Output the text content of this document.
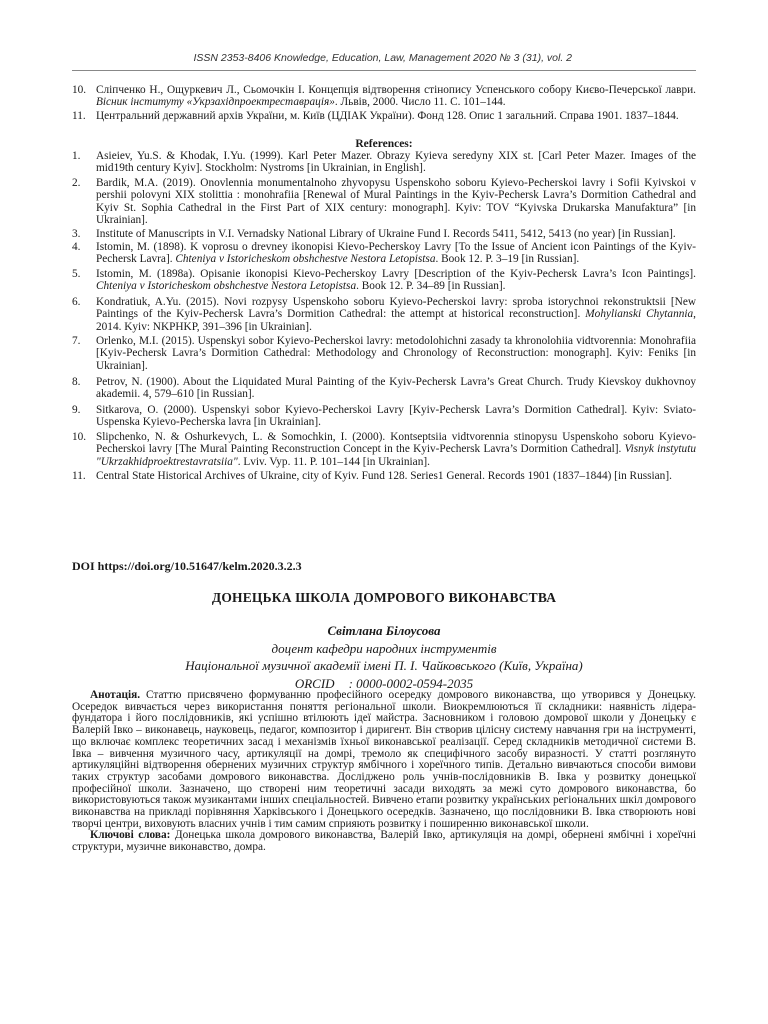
ISSN 2353-8406 Knowledge, Education, Law, Management 2020 № 3 (31), vol. 2
10. Сліпченко Н., Ощуркевич Л., Сьомочкін І. Концепція відтворення стінопису Успенського собору Києво-Печерської лаври. Вісник інституту «Укрзахідпроектреставрація». Львів, 2000. Число 11. С. 101–144.
11. Центральний державний архів України, м. Київ (ЦДІАК України). Фонд 128. Опис 1 загальний. Справа 1901. 1837–1844.
References:
1.	Asieiev, Yu.S. & Khodak, I.Yu. (1999). Karl Peter Mazer. Obrazy Kyieva seredyny XIX st. [Carl Peter Mazer. Images of the mid19th century Kyiv]. Stockholm: Nystroms [in Ukrainian, in English].
2.	Bardik, M.A. (2019). Onovlennia monumentalnoho zhyvopysu Uspenskoho soboru Kyievo-Pecherskoi lavry i Sofii Kyivskoi v pershii polovyni XIX stolittia : monohrafiia [Renewal of Mural Paintings in the Kyiv-Pechersk Lavra’s Dormition Cathedral and Kyiv St. Sophia Cathedral in the First Part of XIX century: monograph]. Kyiv: TOV “Kyivska Drukarska Manufaktura” [in Ukrainian].
3.	Institute of Manuscripts in V.I. Vernadsky National Library of Ukraine Fund I. Records 5411, 5412, 5413 (no year) [in Russian].
4.	Istomin, M. (1898). K voprosu o drevney ikonopisi Kievo-Pecherskoy Lavry [To the Issue of Ancient icon Paintings of the Kyiv-Pechersk Lavra]. Chteniya v Istoricheskom obshchestve Nestora Letopistsa. Book 12. P. 3–19 [in Russian].
5.	Istomin, M. (1898a). Opisanie ikonopisi Kievo-Pecherskoy Lavry [Description of the Kyiv-Pechersk Lavra’s Icon Paintings]. Chteniya v Istoricheskom obshchestve Nestora Letopistsa. Book 12. P. 34–89 [in Russian].
6.	Kondratiuk, A.Yu. (2015). Novi rozpysy Uspenskoho soboru Kyievo-Pecherskoi lavry: sproba istorychnoi rekonstruktsii [New Paintings of the Kyiv-Pechersk Lavra’s Dormition Cathedral: the attempt at historical reconstruction]. Mohylianski Chytannia, 2014. Kyiv: NKPHKP, 391–396 [in Ukrainian].
7.	Orlenko, M.I. (2015). Uspenskyi sobor Kyievo-Pecherskoi lavry: metodolohichni zasady ta khronolohiia vidtvorennia: Monohrafiia [Kyiv-Pechersk Lavra’s Dormition Cathedral: Methodology and Chronology of Reconstruction: monograph]. Kyiv: Feniks [in Ukrainian].
8.	Petrov, N. (1900). About the Liquidated Mural Painting of the Kyiv-Pechersk Lavra’s Great Church. Trudy Kievskoy dukhovnoy akademii. 4, 579–610 [in Russian].
9.	Sitkarova, O. (2000). Uspenskyi sobor Kyievo-Pecherskoi Lavry [Kyiv-Pechersk Lavra’s Dormition Cathedral]. Kyiv: Sviato-Uspenska Kyievo-Pecherska lavra [in Ukrainian].
10. Slipchenko, N. & Oshurkevych, L. & Somochkin, I. (2000). Kontseptsiia vidtvorennia stinopysu Uspenskoho soboru Kyievo-Pecherskoi lavry [The Mural Painting Reconstruction Concept in the Kyiv-Pechersk Lavra’s Dormition Cathedral]. Visnyk instytutu "Ukrzakhidproektrestavratsiia". Lviv. Vyp. 11. P. 101–144 [in Ukrainian].
11. Central State Historical Archives of Ukraine, city of Kyiv. Fund 128. Series1 General. Records 1901 (1837–1844) [in Russian].
DOI https://doi.org/10.51647/kelm.2020.3.2.3
ДОНЕЦЬКА ШКОЛА ДОМРОВОГО ВИКОНАВСТВА
Світлана Білоусова
доцент кафедри народних інструментів
Національної музичної академії імені П. І. Чайковського (Київ, Україна)
ORCID : 0000-0002-0594-2035

Анотація. Статтю присвячено формуванню професійного осередку домрового виконавства, що утворився у Донецьку. Осередок вивчається через використання поняття регіональної школи. Виокремлюються її складники: наявність лідера-фундатора і його послідовників, які успішно втілюють ідеї майстра. Засновником і головою домрової школи у Донецьку є Валерій Івко – виконавець, науковець, педагог, композитор і диригент. Він створив цілісну систему навчання гри на інструменті, що включає комплекс теоретичних засад і механізмів їхньої виконавської реалізації. Серед складників методичної системи В. Івка – вивчення музичного часу, артикуляції на домрі, тремоло як специфічного засобу виразності. У статті розглянуто артикуляційні відтворення обернених музичних структур ямбічного і хореїчного типів. Детально вивчаються способи вимови таких структур засобами домрового виконавства. Досліджено роль учнів-послідовників В. Івка у розвитку донецької професійної школи. Зазначено, що створені ним теоретичні засади виходять за межі суто домрового виконавства, бо використовуються також музикантами інших спеціальностей. Вивчено етапи розвитку українських регіональних шкіл домрового виконавства на прикладі порівняння Харківського і Донецького осередків. Зазначено, що послідовники В. Івка створюють нові творчі центри, виховують власних учнів і тим самим сприяють розвитку і поширенню виконавської школи.

Ключові слова: Донецька школа домрового виконавства, Валерій Івко, артикуляція на домрі, обернені ямбічні і хореїчні структури, музичне виконавство, домра.
